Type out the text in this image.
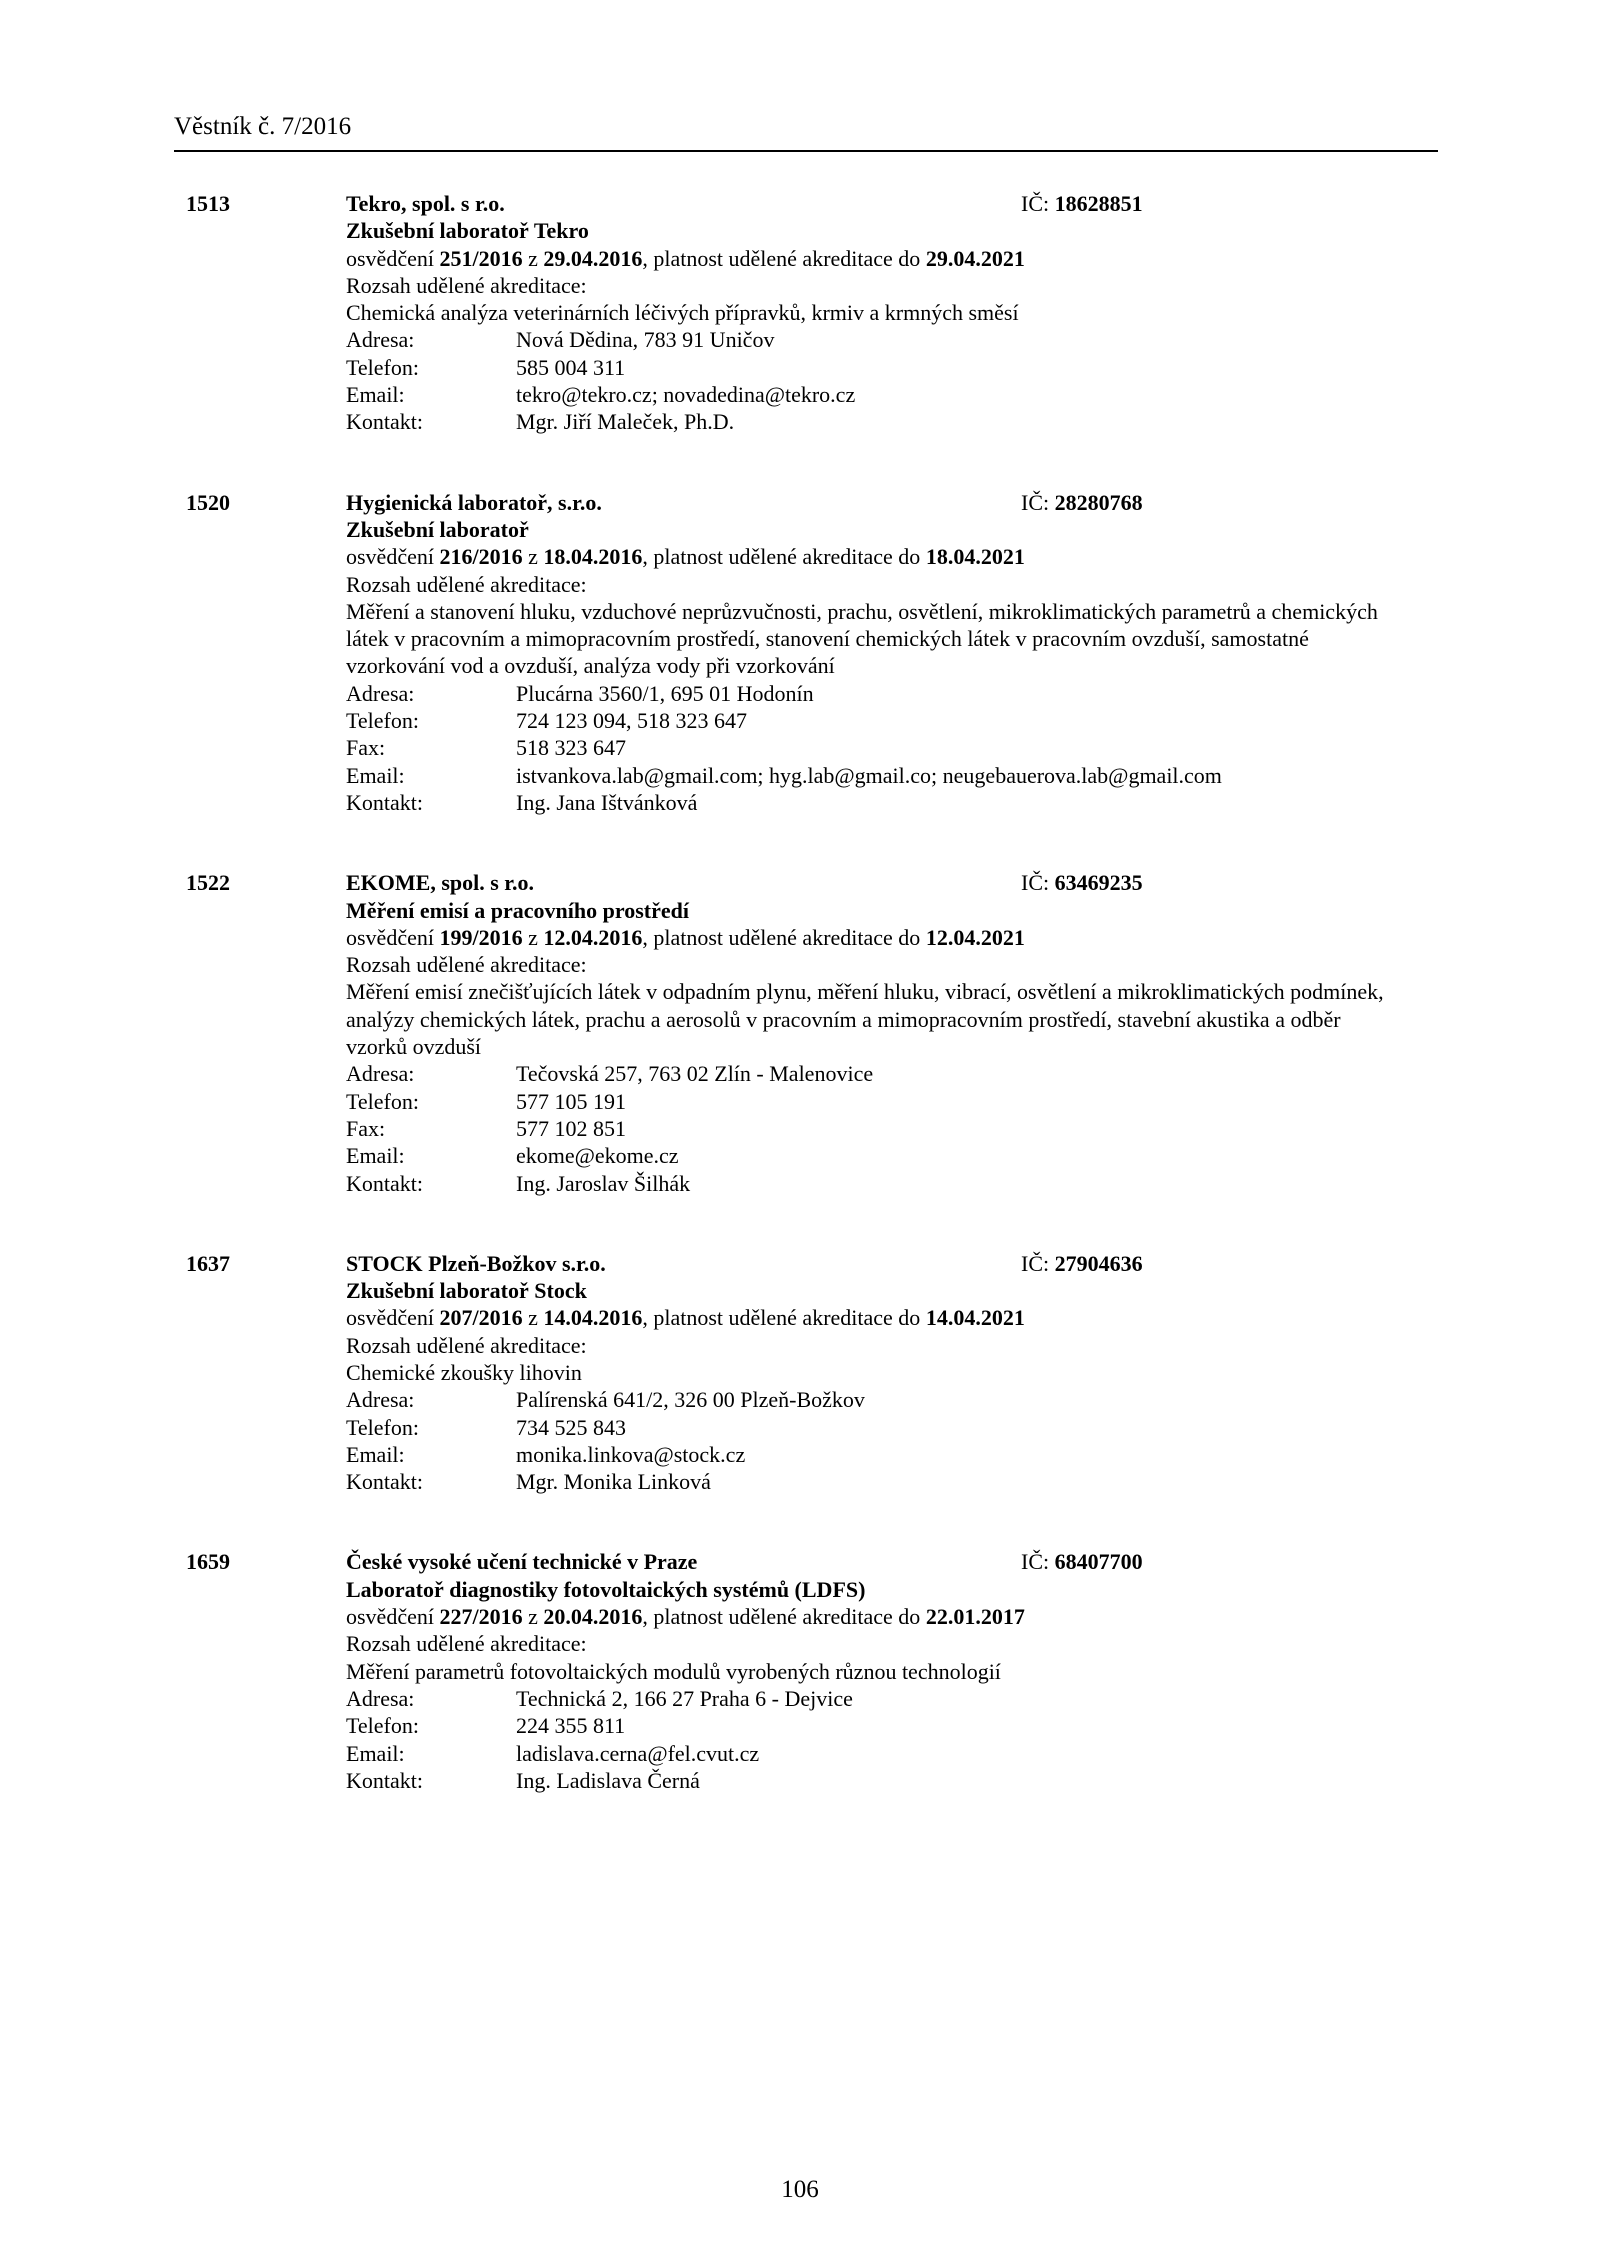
Věstník č. 7/2016
1513	Tekro, spol. s r.o.	IČ: 18628851
Zkušební laboratoř Tekro
osvědčení 251/2016 z 29.04.2016, platnost udělené akreditace do 29.04.2021
Rozsah udělené akreditace:
Chemická analýza veterinárních léčivých přípravků, krmiv a krmných směsí
Adresa:	Nová Dědina, 783 91 Uničov
Telefon:	585 004 311
Email:	tekro@tekro.cz; novadedina@tekro.cz
Kontakt:	Mgr. Jiří Maleček, Ph.D.
1520	Hygienická laboratoř, s.r.o.	IČ: 28280768
Zkušební laboratoř
osvědčení 216/2016 z 18.04.2016, platnost udělené akreditace do 18.04.2021
Rozsah udělené akreditace:
Měření a stanovení hluku, vzduchové neprůzvučnosti, prachu, osvětlení, mikroklimatických parametrů a chemických látek v pracovním a mimopracovním prostředí, stanovení chemických látek v pracovním ovzduší, samostatné vzorkování vod a ovzduší, analýza vody při vzorkování
Adresa:	Plucárna 3560/1, 695 01 Hodonín
Telefon:	724 123 094, 518 323 647
Fax:	518 323 647
Email:	istvankova.lab@gmail.com; hyg.lab@gmail.co; neugebauerova.lab@gmail.com
Kontakt:	Ing. Jana Ištvánková
1522	EKOME, spol. s r.o.	IČ: 63469235
Měření emisí a pracovního prostředí
osvědčení 199/2016 z 12.04.2016, platnost udělené akreditace do 12.04.2021
Rozsah udělené akreditace:
Měření emisí znečišťujících látek v odpadním plynu, měření hluku, vibrací, osvětlení a mikroklimatických podmínek, analýzy chemických látek, prachu a aerosolů v pracovním a mimopracovním prostředí, stavební akustika a odběr vzorků ovzduší
Adresa:	Tečovská 257, 763 02 Zlín - Malenovice
Telefon:	577 105 191
Fax:	577 102 851
Email:	ekome@ekome.cz
Kontakt:	Ing. Jaroslav Šilhák
1637	STOCK Plzeň-Božkov s.r.o.	IČ: 27904636
Zkušební laboratoř Stock
osvědčení 207/2016 z 14.04.2016, platnost udělené akreditace do 14.04.2021
Rozsah udělené akreditace:
Chemické zkoušky lihovin
Adresa:	Palírenská 641/2, 326 00 Plzeň-Božkov
Telefon:	734 525 843
Email:	monika.linkova@stock.cz
Kontakt:	Mgr. Monika Linková
1659	České vysoké učení technické v Praze	IČ: 68407700
Laboratoř diagnostiky fotovoltaických systémů (LDFS)
osvědčení 227/2016 z 20.04.2016, platnost udělené akreditace do 22.01.2017
Rozsah udělené akreditace:
Měření parametrů fotovoltaických modulů vyrobených různou technologií
Adresa:	Technická 2, 166 27 Praha 6 - Dejvice
Telefon:	224 355 811
Email:	ladislava.cerna@fel.cvut.cz
Kontakt:	Ing. Ladislava Černá
106
